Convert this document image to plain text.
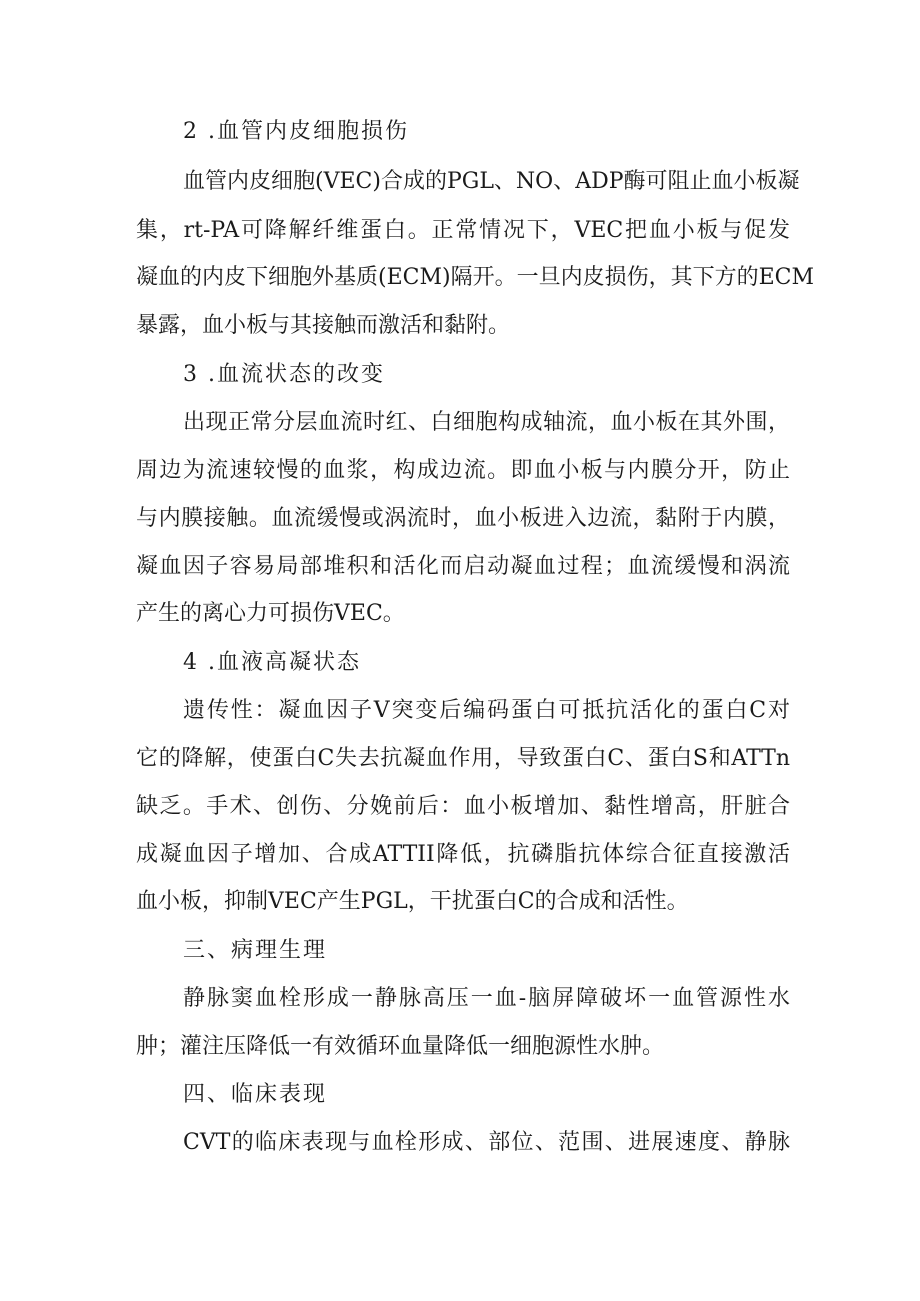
2 .血管内皮细胞损伤
血管内皮细胞(VEC)合成的PGL、NO、ADP酶可阻止血小板凝
集，rt-PA可降解纤维蛋白。正常情况下，VEC把血小板与促发
凝血的内皮下细胞外基质(ECM)隔开。一旦内皮损伤，其下方的ECM
暴露，血小板与其接触而激活和黏附。
3 .血流状态的改变
出现正常分层血流时红、白细胞构成轴流，血小板在其外围，
周边为流速较慢的血浆，构成边流。即血小板与内膜分开，防止
与内膜接触。血流缓慢或涡流时，血小板进入边流，黏附于内膜，
凝血因子容易局部堆积和活化而启动凝血过程；血流缓慢和涡流
产生的离心力可损伤VEC。
4 .血液高凝状态
遗传性：凝血因子V突变后编码蛋白可抵抗活化的蛋白C对
它的降解，使蛋白C失去抗凝血作用，导致蛋白C、蛋白S和ATTn
缺乏。手术、创伤、分娩前后：血小板增加、黏性增高，肝脏合
成凝血因子增加、合成ATTII降低，抗磷脂抗体综合征直接激活
血小板，抑制VEC产生PGL，干扰蛋白C的合成和活性。
三、病理生理
静脉窦血栓形成一静脉高压一血-脑屏障破坏一血管源性水
肿；灌注压降低一有效循环血量降低一细胞源性水肿。
四、临床表现
CVT的临床表现与血栓形成、部位、范围、进展速度、静脉
